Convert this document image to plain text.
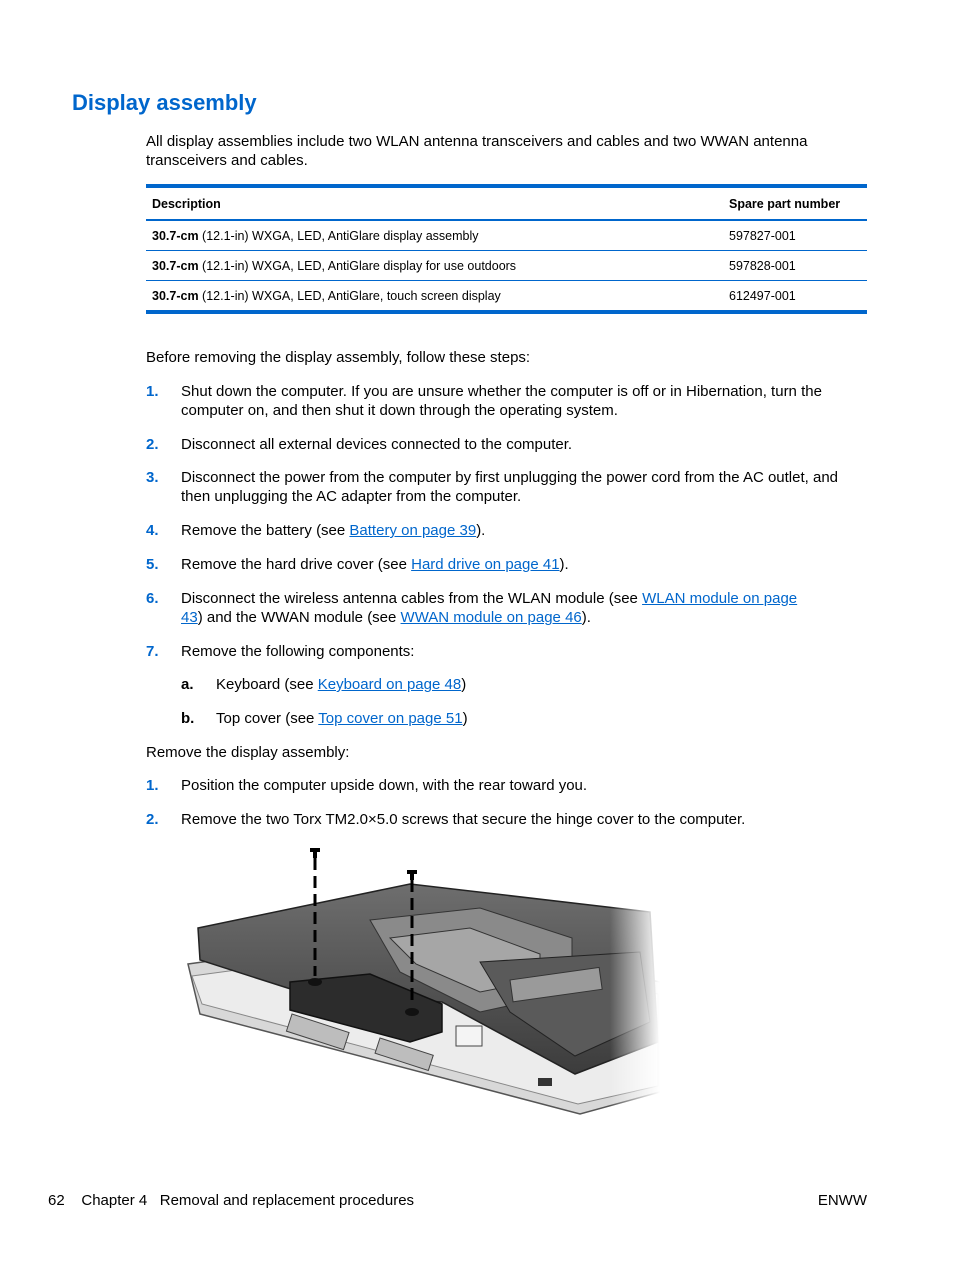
Display assembly

All display assemblies include two WLAN antenna transceivers and cables and two WWAN antenna transceivers and cables.

Description	Spare part number
30.7-cm (12.1-in) WXGA, LED, AntiGlare display assembly	597827-001
30.7-cm (12.1-in) WXGA, LED, AntiGlare display for use outdoors	597828-001
30.7-cm (12.1-in) WXGA, LED, AntiGlare, touch screen display	612497-001

Before removing the display assembly, follow these steps:

1. Shut down the computer. If you are unsure whether the computer is off or in Hibernation, turn the computer on, and then shut it down through the operating system.
2. Disconnect all external devices connected to the computer.
3. Disconnect the power from the computer by first unplugging the power cord from the AC outlet, and then unplugging the AC adapter from the computer.
4. Remove the battery (see Battery on page 39).
5. Remove the hard drive cover (see Hard drive on page 41).
6. Disconnect the wireless antenna cables from the WLAN module (see WLAN module on page 43) and the WWAN module (see WWAN module on page 46).
7. Remove the following components:
a. Keyboard (see Keyboard on page 48)
b. Top cover (see Top cover on page 51)

Remove the display assembly:

1. Position the computer upside down, with the rear toward you.
2. Remove the two Torx TM2.0×5.0 screws that secure the hinge cover to the computer.
62 Chapter 4   Removal and replacement procedures	ENWW
